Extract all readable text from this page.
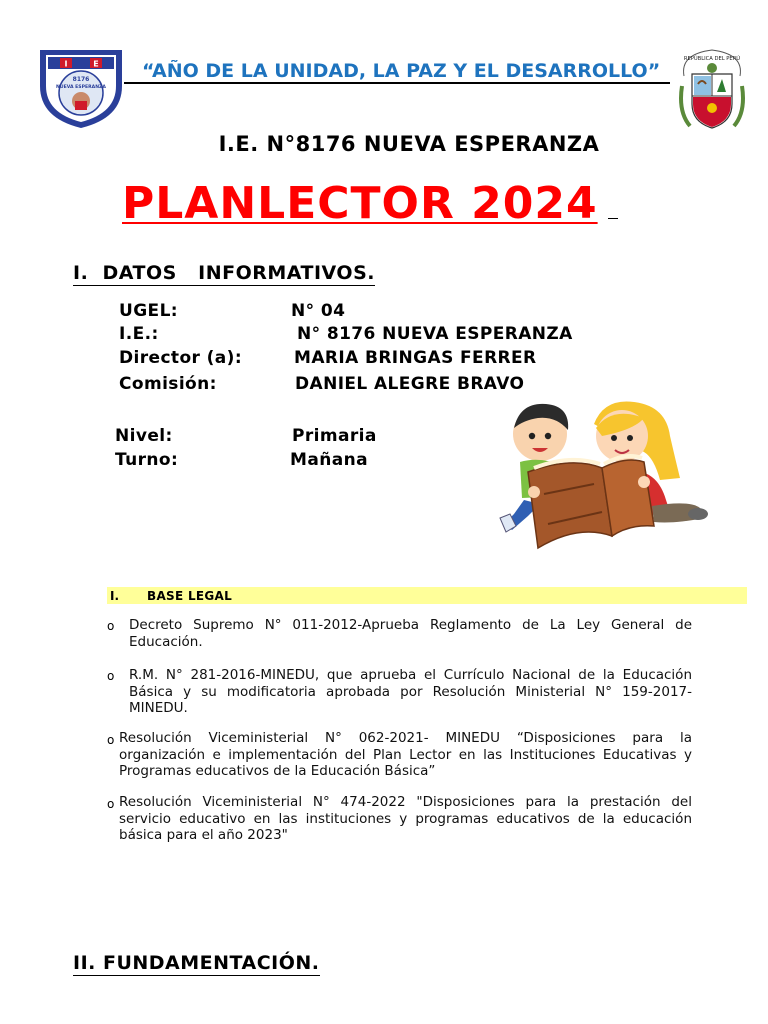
I	E
8176
NUEVA ESPERANZA
“AÑO DE LA UNIDAD, LA PAZ Y EL DESARROLLO”
REPÚBLICA DEL PERÚ
I.E. N°8176 NUEVA ESPERANZA
PLANLECTOR 2024
I.  DATOS   INFORMATIVOS.
UGEL:	N° 04
I.E.:	N° 8176 NUEVA ESPERANZA
Director (a):	MARIA BRINGAS FERRER
Comisión:	DANIEL ALEGRE BRAVO
Nivel:	Primaria
Turno:	Mañana
I. BASE LEGAL
o Decreto Supremo N° 011-2012-Aprueba Reglamento de La Ley General de Educación.
o R.M. N° 281-2016-MINEDU, que aprueba el Currículo Nacional de la Educación Básica y su modificatoria aprobada por Resolución Ministerial N° 159-2017-MINEDU.
o Resolución Viceministerial N° 062-2021- MINEDU “Disposiciones para la organización e implementación del Plan Lector en las Instituciones Educativas y Programas educativos de la Educación Básica”
o Resolución Viceministerial N° 474-2022 "Disposiciones para la prestación del servicio educativo en las instituciones y programas educativos de la educación básica para el año 2023"
II. FUNDAMENTACIÓN.
